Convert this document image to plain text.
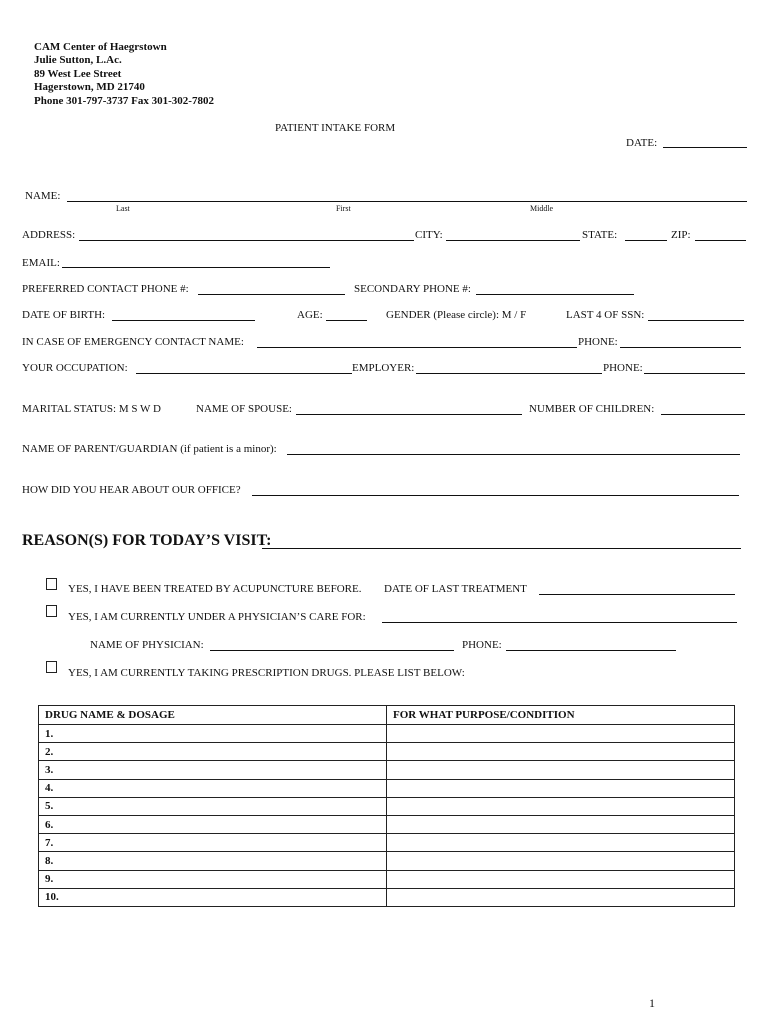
CAM Center of Haegrstown
Julie Sutton, L.Ac.
89 West Lee Street
Hagerstown, MD 21740
Phone 301-797-3737 Fax 301-302-7802
PATIENT INTAKE FORM
DATE:
NAME:
Last	First	Middle
ADDRESS:	CITY:	STATE:	ZIP:
EMAIL:
PREFERRED CONTACT PHONE #:	SECONDARY PHONE #:
DATE OF BIRTH:	AGE:	GENDER (Please circle): M / F	LAST 4 OF SSN:
IN CASE OF EMERGENCY CONTACT NAME:	PHONE:
YOUR OCCUPATION:	EMPLOYER:	PHONE:
MARITAL STATUS: M S W D	NAME OF SPOUSE:	NUMBER OF CHILDREN:
NAME OF PARENT/GUARDIAN (if patient is a minor):
HOW DID YOU HEAR ABOUT OUR OFFICE?
REASON(S) FOR TODAY’S VISIT:
YES, I HAVE BEEN TREATED BY ACUPUNCTURE BEFORE. DATE OF LAST TREATMENT
YES, I AM CURRENTLY UNDER A PHYSICIAN’S CARE FOR:
NAME OF PHYSICIAN:	PHONE:
YES, I AM CURRENTLY TAKING PRESCRIPTION DRUGS. PLEASE LIST BELOW:
DRUG NAME & DOSAGE	FOR WHAT PURPOSE/CONDITION
1.	
2.	
3.	
4.	
5.	
6.	
7.	
8.	
9.	
10.	
1
